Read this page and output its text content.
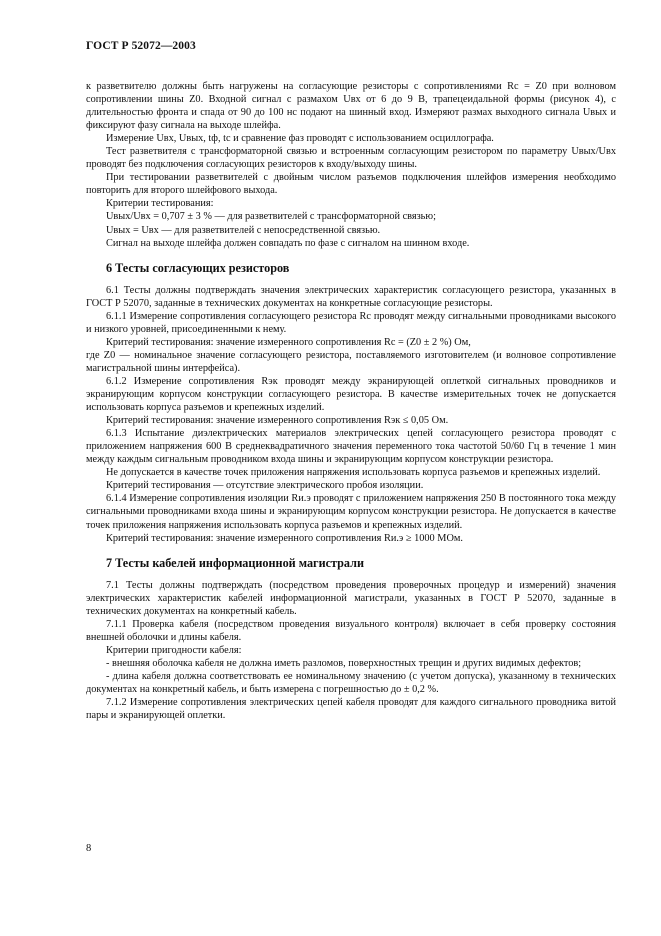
ГОСТ Р 52072—2003

к разветвителю должны быть нагружены на согласующие резисторы с сопротивлениями Rс = Z0 при волновом сопротивлении шины Z0. Входной сигнал с размахом Uвх от 6 до 9 В, трапецеидальной формы (рисунок 4), с длительностью фронта и спада от 90 до 100 нс подают на шинный вход. Измеряют размах выходного сигнала Uвых и фиксируют фазу сигнала на выходе шлейфа.

Измерение Uвх, Uвых, tф, tс и сравнение фаз проводят с использованием осциллографа.

Тест разветвителя с трансформаторной связью и встроенным согласующим резистором по параметру Uвых/Uвх проводят без подключения согласующих резисторов к входу/выходу шины.

При тестировании разветвителей с двойным числом разъемов подключения шлейфов измерения необходимо повторить для второго шлейфового выхода.

Критерии тестирования:

Uвых/Uвх = 0,707 ± 3 % — для разветвителей с трансформаторной связью;

Uвых = Uвх — для разветвителей с непосредственной связью.

Сигнал на выходе шлейфа должен совпадать по фазе с сигналом на шинном входе.

6 Тесты согласующих резисторов

6.1 Тесты должны подтверждать значения электрических характеристик согласующего резистора, указанных в ГОСТ Р 52070, заданные в технических документах на конкретные согласующие резисторы.

6.1.1 Измерение сопротивления согласующего резистора Rс проводят между сигнальными проводниками высокого и низкого уровней, присоединенными к нему.

Критерий тестирования: значение измеренного сопротивления Rс = (Z0 ± 2 %) Ом,

где Z0 — номинальное значение согласующего резистора, поставляемого изготовителем (и волновое сопротивление магистральной шины интерфейса).

6.1.2 Измерение сопротивления Rэк проводят между экранирующей оплеткой сигнальных проводников и экранирующим корпусом конструкции согласующего резистора. В качестве измерительных точек не допускается использовать корпуса разъемов и крепежных изделий.

Критерий тестирования: значение измеренного сопротивления Rэк ≤ 0,05 Ом.

6.1.3 Испытание диэлектрических материалов электрических цепей согласующего резистора проводят с приложением напряжения 600 В среднеквадратичного значения переменного тока частотой 50/60 Гц в течение 1 мин между каждым сигнальным проводником входа шины и экранирующим корпусом конструкции резистора.

Не допускается в качестве точек приложения напряжения использовать корпуса разъемов и крепежных изделий.

Критерий тестирования — отсутствие электрического пробоя изоляции.

6.1.4 Измерение сопротивления изоляции Rи.э проводят с приложением напряжения 250 В постоянного тока между сигнальными проводниками входа шины и экранирующим корпусом конструкции резистора. Не допускается в качестве точек приложения напряжения использовать корпуса разъемов и крепежных изделий.

Критерий тестирования: значение измеренного сопротивления Rи.э ≥ 1000 МОм.

7 Тесты кабелей информационной магистрали

7.1 Тесты должны подтверждать (посредством проведения проверочных процедур и измерений) значения электрических характеристик кабелей информационной магистрали, указанных в ГОСТ Р 52070, заданные в технических документах на конкретный кабель.

7.1.1 Проверка кабеля (посредством проведения визуального контроля) включает в себя проверку состояния внешней оболочки и длины кабеля.

Критерии пригодности кабеля:

- внешняя оболочка кабеля не должна иметь разломов, поверхностных трещин и других видимых дефектов;

- длина кабеля должна соответствовать ее номинальному значению (с учетом допуска), указанному в технических документах на конкретный кабель, и быть измерена с погрешностью до ± 0,2 %.

7.1.2 Измерение сопротивления электрических цепей кабеля проводят для каждого сигнального проводника витой пары и экранирующей оплетки.

8
